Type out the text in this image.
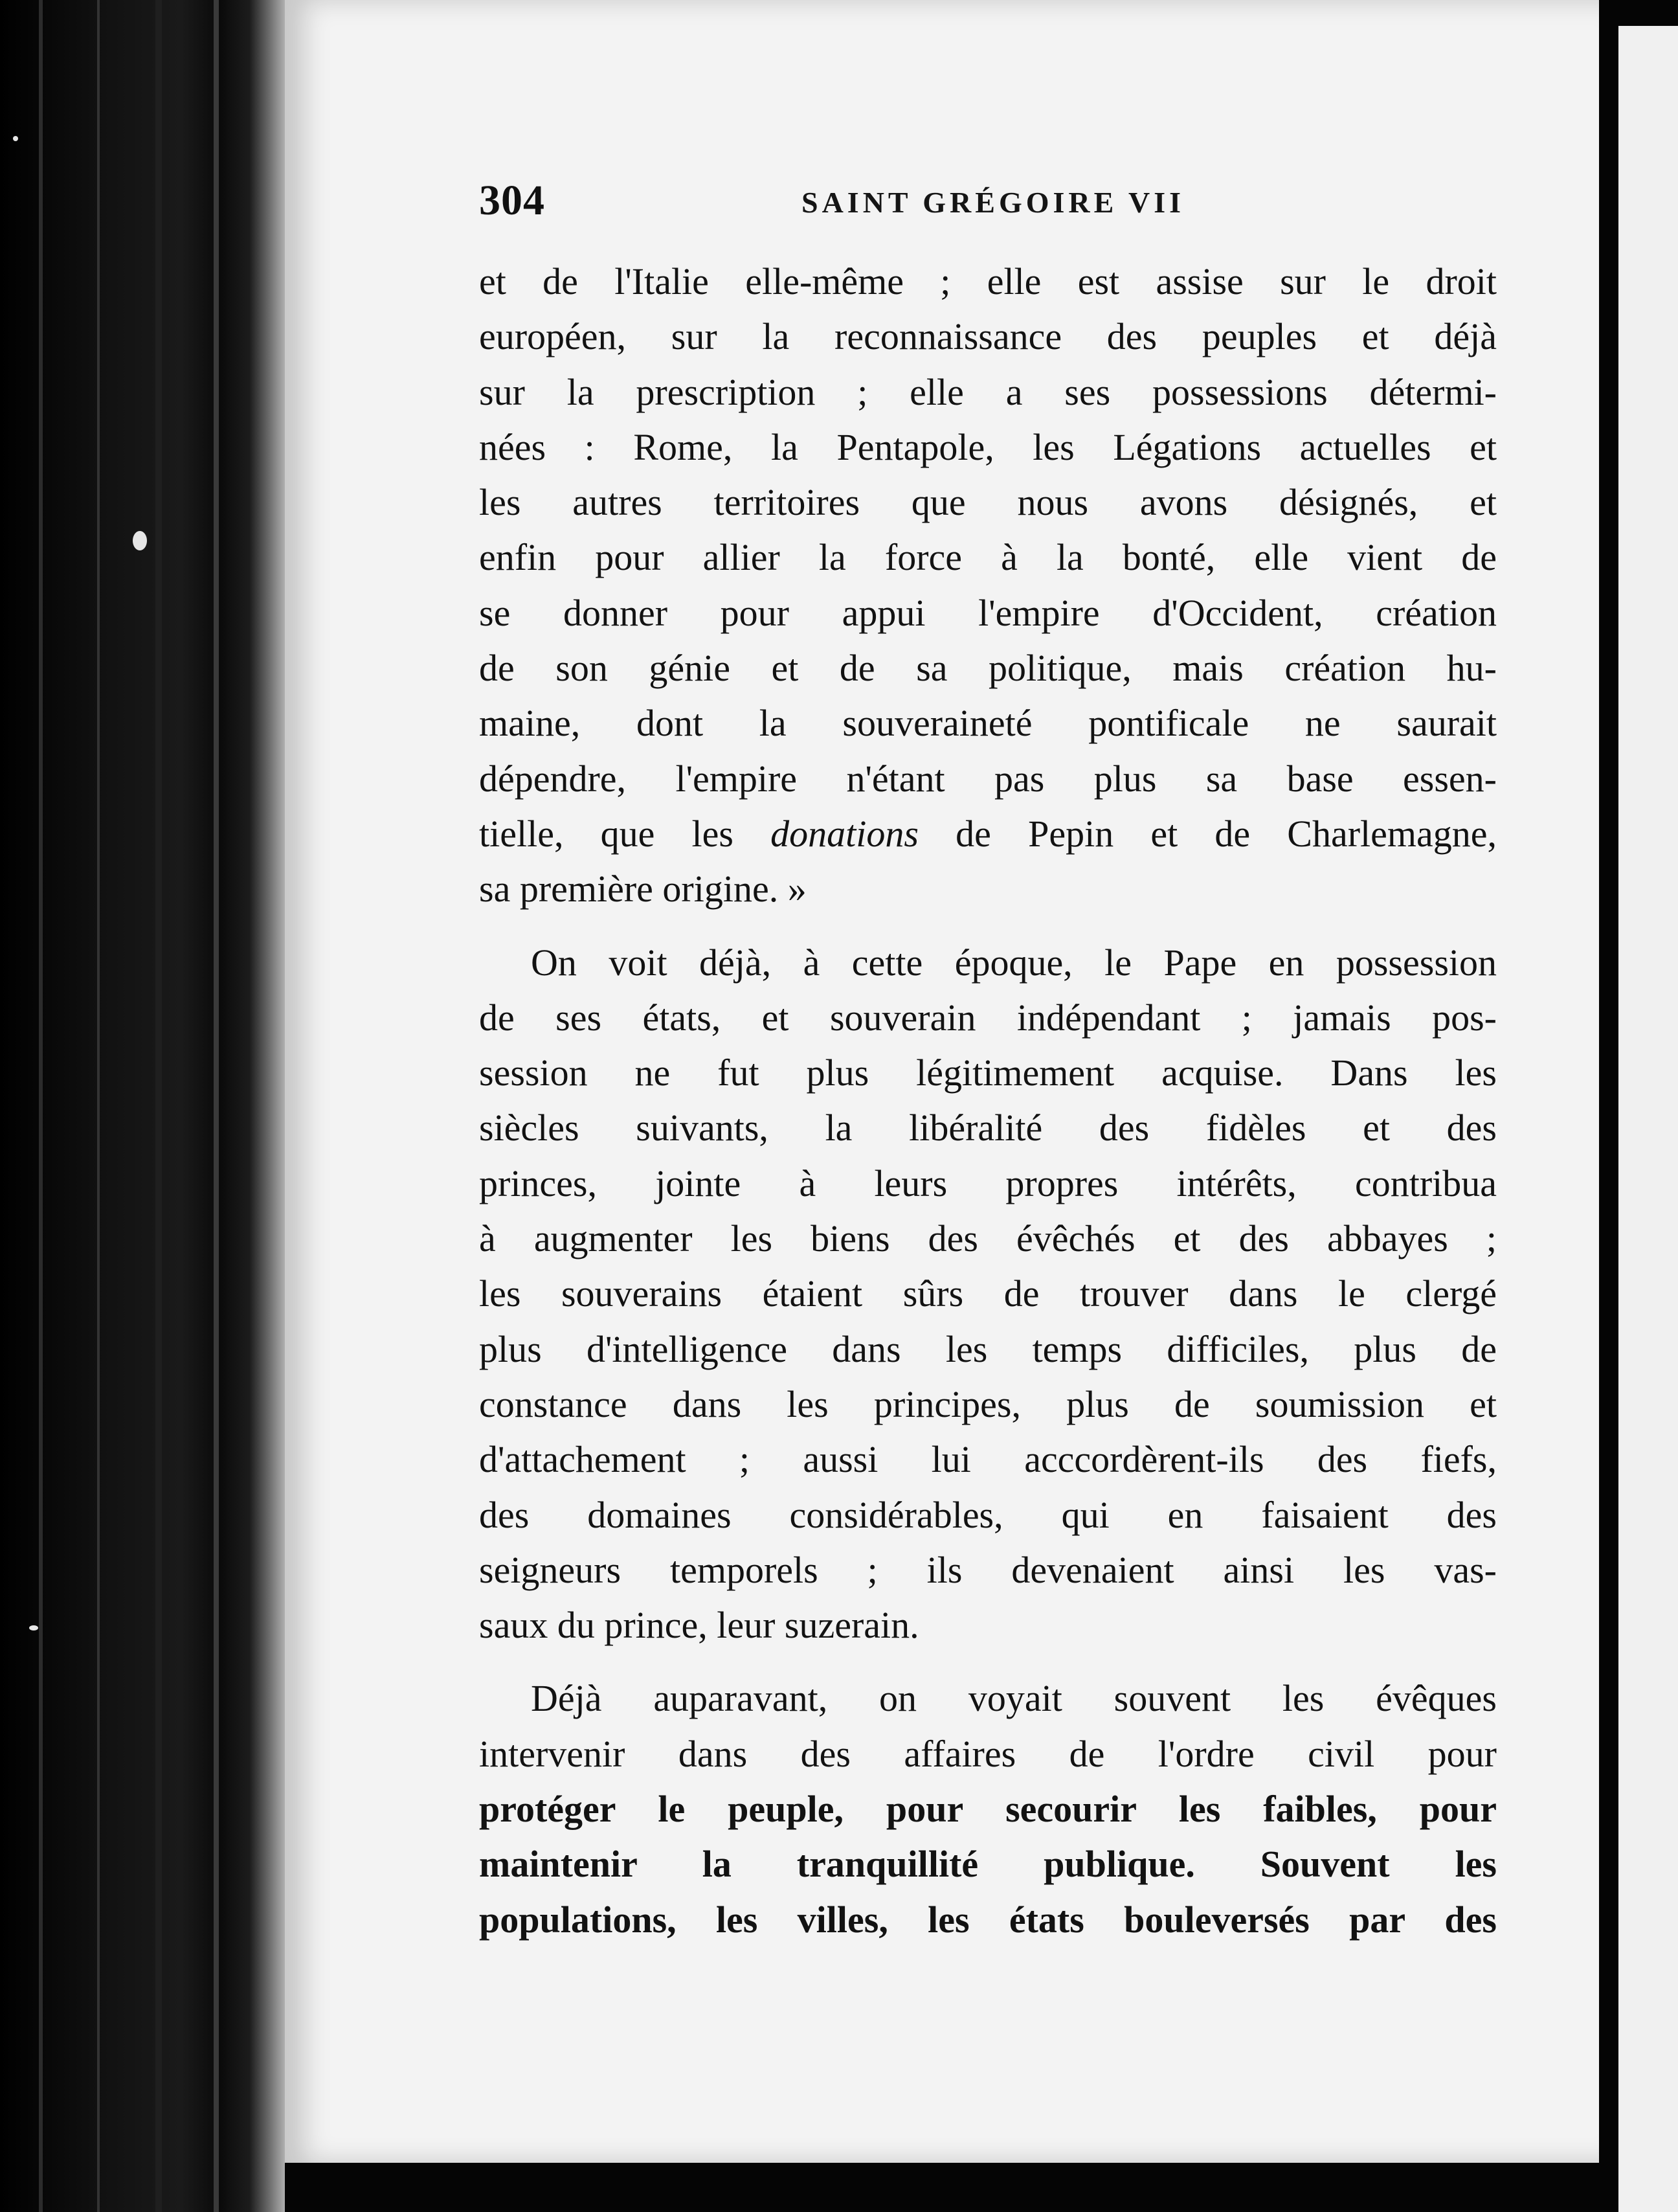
304	SAINT GRÉGOIRE VII
et de l'Italie elle-même ; elle est assise sur le droit
européen, sur la reconnaissance des peuples et déjà
sur la prescription ; elle a ses possessions détermi-
nées : Rome, la Pentapole, les Légations actuelles et
les autres territoires que nous avons désignés, et
enfin pour allier la force à la bonté, elle vient de
se donner pour appui l'empire d'Occident, création
de son génie et de sa politique, mais création hu-
maine, dont la souveraineté pontificale ne saurait
dépendre, l'empire n'étant pas plus sa base essen-
tielle, que les donations de Pepin et de Charlemagne,
sa première origine. »
On voit déjà, à cette époque, le Pape en possession
de ses états, et souverain indépendant ; jamais pos-
session ne fut plus légitimement acquise. Dans les
siècles suivants, la libéralité des fidèles et des
princes, jointe à leurs propres intérêts, contribua
à augmenter les biens des évêchés et des abbayes ;
les souverains étaient sûrs de trouver dans le clergé
plus d'intelligence dans les temps difficiles, plus de
constance dans les principes, plus de soumission et
d'attachement ; aussi lui acccordèrent-ils des fiefs,
des domaines considérables, qui en faisaient des
seigneurs temporels ; ils devenaient ainsi les vas-
saux du prince, leur suzerain.
Déjà auparavant, on voyait souvent les évêques
intervenir dans des affaires de l'ordre civil pour
protéger le peuple, pour secourir les faibles, pour
maintenir la tranquillité publique. Souvent les
populations, les villes, les états bouleversés par des
